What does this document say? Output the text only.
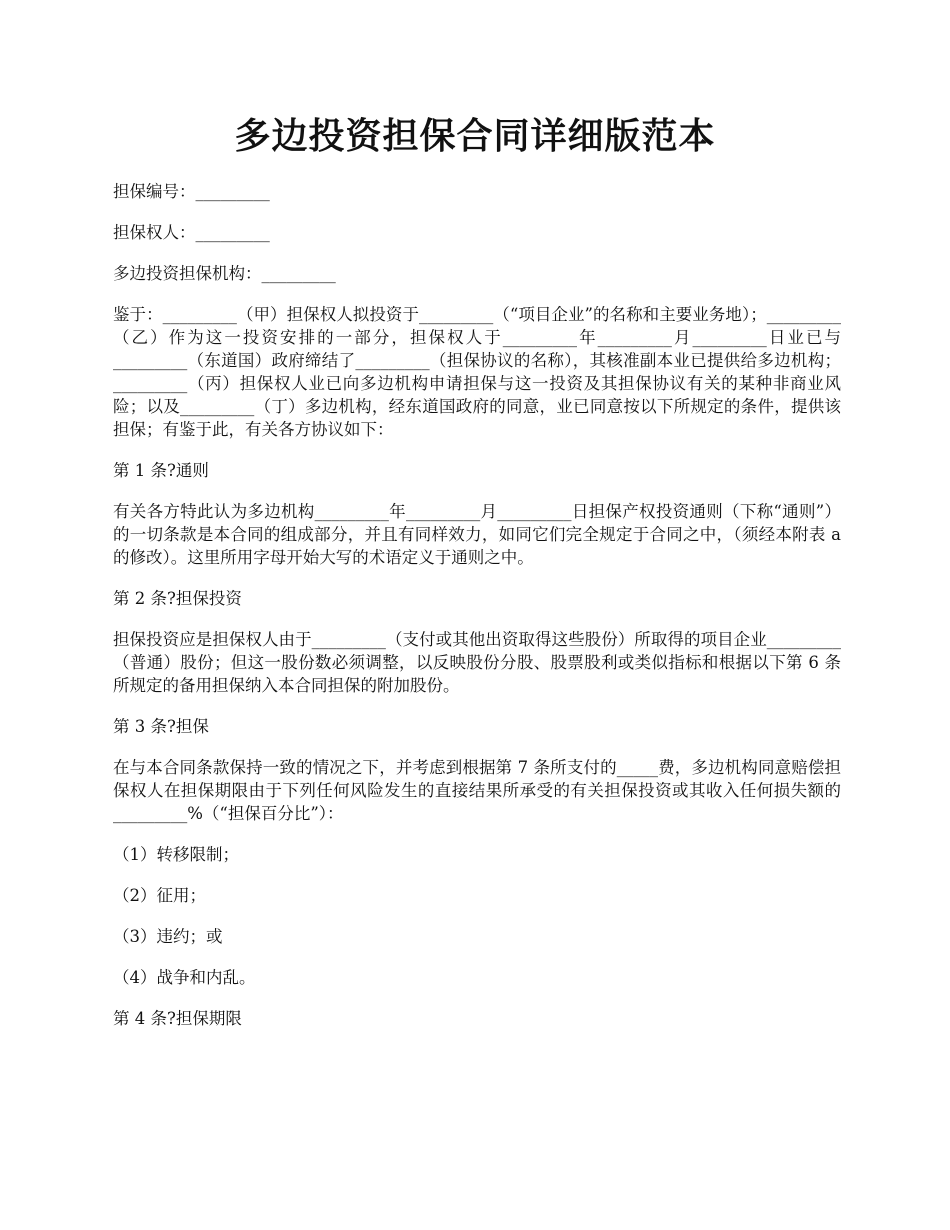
多边投资担保合同详细版范本

担保编号：_________

担保权人：_________

多边投资担保机构：_________

鉴于：_________（甲）担保权人拟投资于_________（“项目企业”的名称和主要业务地）；_________（乙）作为这一投资安排的一部分，担保权人于_________年_________月_________日业已与_________（东道国）政府缔结了_________（担保协议的名称），其核准副本业已提供给多边机构；_________（丙）担保权人业已向多边机构申请担保与这一投资及其担保协议有关的某种非商业风险；以及_________（丁）多边机构，经东道国政府的同意，业已同意按以下所规定的条件，提供该担保；有鉴于此，有关各方协议如下：

第 1 条?通则

有关各方特此认为多边机构_________年_________月_________日担保产权投资通则（下称“通则”）的一切条款是本合同的组成部分，并且有同样效力，如同它们完全规定于合同之中，（须经本附表 a 的修改）。这里所用字母开始大写的术语定义于通则之中。

第 2 条?担保投资

担保投资应是担保权人由于_________（支付或其他出资取得这些股份）所取得的项目企业_________（普通）股份；但这一股份数必须调整，以反映股份分股、股票股利或类似指标和根据以下第 6 条所规定的备用担保纳入本合同担保的附加股份。

第 3 条?担保

在与本合同条款保持一致的情况之下，并考虑到根据第 7 条所支付的_____费，多边机构同意赔偿担保权人在担保期限由于下列任何风险发生的直接结果所承受的有关担保投资或其收入任何损失额的_________%（“担保百分比”）：

（1）转移限制；

（2）征用；

（3）违约；或

（4）战争和内乱。

第 4 条?担保期限
